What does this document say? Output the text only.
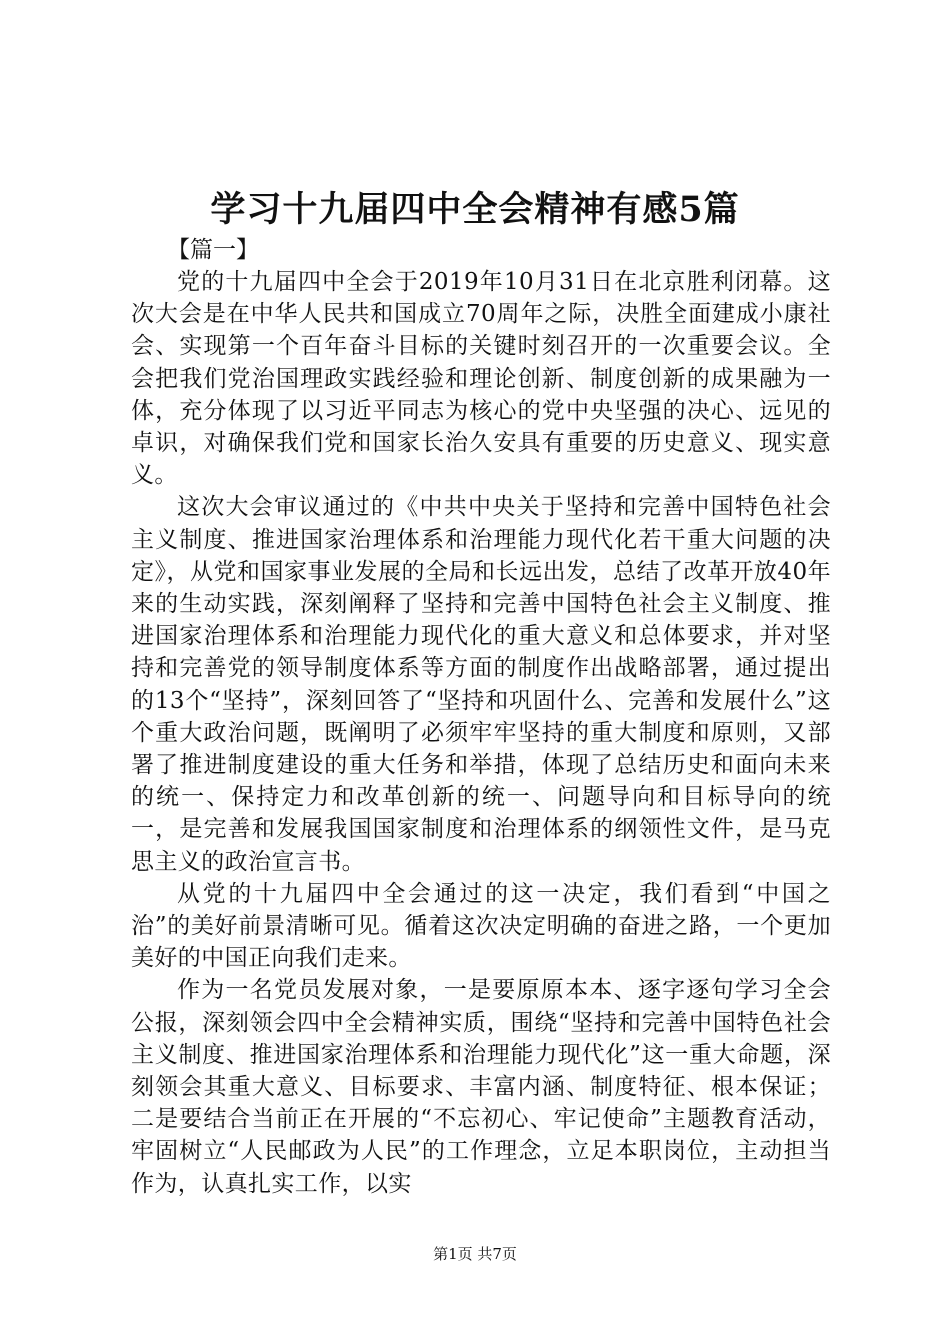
学习十九届四中全会精神有感5篇

【篇一】

党的十九届四中全会于2019年10月31日在北京胜利闭幕。这次大会是在中华人民共和国成立70周年之际，决胜全面建成小康社会、实现第一个百年奋斗目标的关键时刻召开的一次重要会议。全会把我们党治国理政实践经验和理论创新、制度创新的成果融为一体，充分体现了以习近平同志为核心的党中央坚强的决心、远见的卓识，对确保我们党和国家长治久安具有重要的历史意义、现实意义。

这次大会审议通过的《中共中央关于坚持和完善中国特色社会主义制度、推进国家治理体系和治理能力现代化若干重大问题的决定》，从党和国家事业发展的全局和长远出发，总结了改革开放40年来的生动实践，深刻阐释了坚持和完善中国特色社会主义制度、推进国家治理体系和治理能力现代化的重大意义和总体要求，并对坚持和完善党的领导制度体系等方面的制度作出战略部署，通过提出的13个“坚持”，深刻回答了“坚持和巩固什么、完善和发展什么”这个重大政治问题，既阐明了必须牢牢坚持的重大制度和原则，又部署了推进制度建设的重大任务和举措，体现了总结历史和面向未来的统一、保持定力和改革创新的统一、问题导向和目标导向的统一，是完善和发展我国国家制度和治理体系的纲领性文件，是马克思主义的政治宣言书。

从党的十九届四中全会通过的这一决定，我们看到“中国之治”的美好前景清晰可见。循着这次决定明确的奋进之路，一个更加美好的中国正向我们走来。

作为一名党员发展对象，一是要原原本本、逐字逐句学习全会公报，深刻领会四中全会精神实质，围绕“坚持和完善中国特色社会主义制度、推进国家治理体系和治理能力现代化”这一重大命题，深刻领会其重大意义、目标要求、丰富内涵、制度特征、根本保证；二是要结合当前正在开展的“不忘初心、牢记使命”主题教育活动，牢固树立“人民邮政为人民”的工作理念，立足本职岗位，主动担当作为，认真扎实工作，以实

第1页 共7页
